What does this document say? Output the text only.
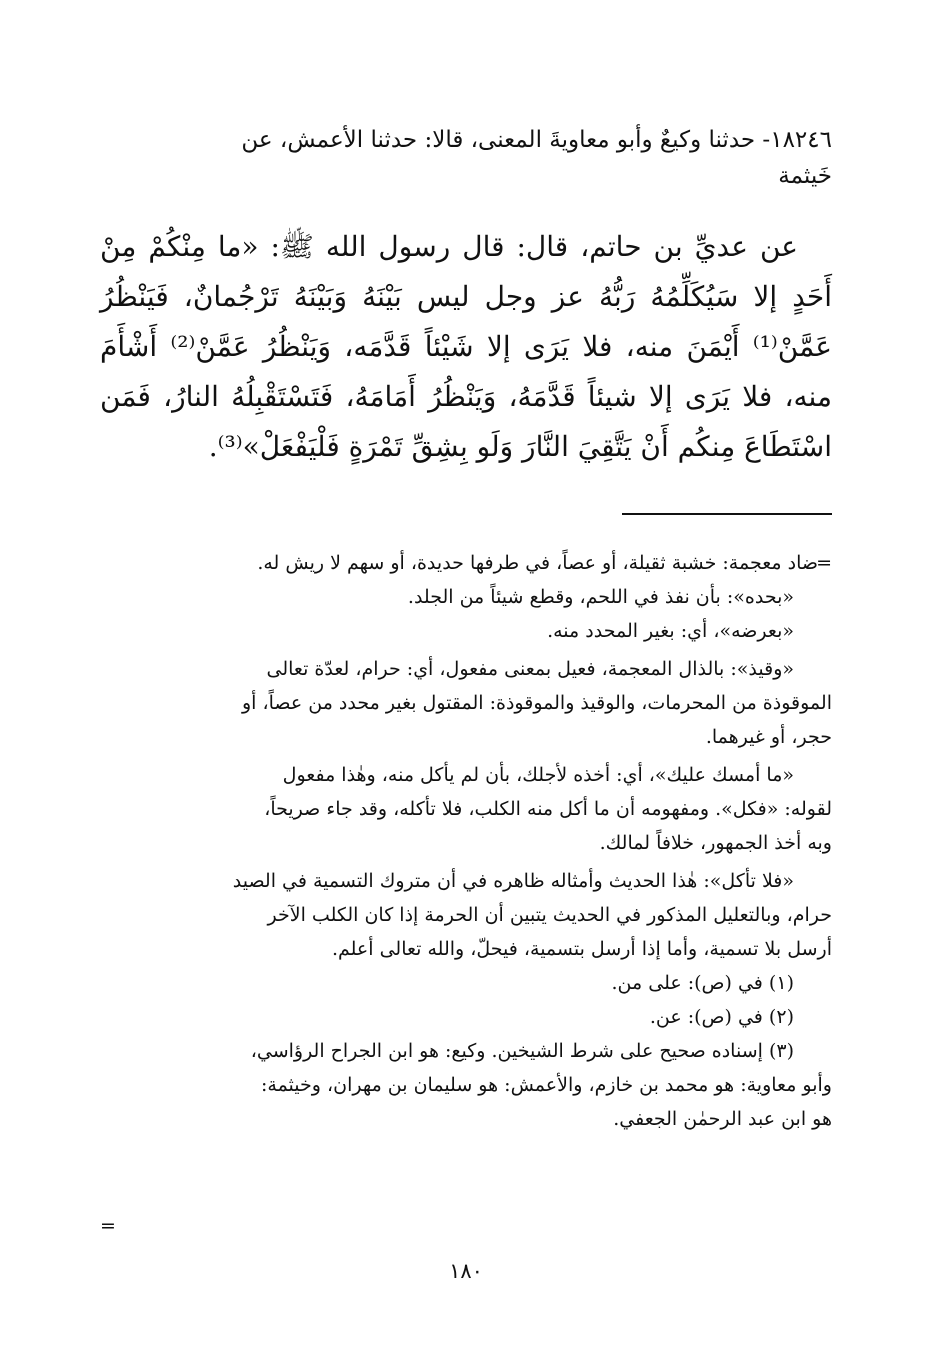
١٨٢٤٦- حدثنا وكيعٌ وأبو معاويةَ المعنى، قالا: حدثنا الأعمش، عن
خَيثمة
عن عديِّ بن حاتم، قال: قال رسول الله ﷺ: «ما مِنْكُمْ مِنْ
أَحَدٍ إلا سَيُكَلِّمُهُ رَبُّهُ عز وجل ليس بَيْنَهُ وَبَيْنَهُ تَرْجُمانٌ، فَيَنْظُرُ
عَمَّنْ⁽¹⁾ أَيْمَنَ منه، فلا يَرَى إلا شَيْئاً قَدَّمَه، وَيَنْظُرُ عَمَّنْ⁽²⁾ أَشْأَمَ
منه، فلا يَرَى إلا شيئاً قَدَّمَهُ، وَيَنْظُرُ أَمَامَهُ، فَتَسْتَقْبِلُهُ النارُ، فَمَن
اسْتَطَاعَ مِنكُم أَنْ يَتَّقِيَ النَّارَ وَلَو بِشِقِّ تَمْرَةٍ فَلْيَفْعَلْ»⁽³⁾.
=
ضاد معجمة: خشبة ثقيلة، أو عصاً، في طرفها حديدة، أو سهم لا ريش له.
«بحده»: بأن نفذ في اللحم، وقطع شيئاً من الجلد.
«بعرضه»، أي: بغير المحدد منه.
«وقيذ»: بالذال المعجمة، فعيل بمعنى مفعول، أي: حرام، لعدّة تعالى
الموقوذة من المحرمات، والوقيذ والموقوذة: المقتول بغير محدد من عصاً، أو
حجر، أو غيرهما.
«ما أمسك عليك»، أي: أخذه لأجلك، بأن لم يأكل منه، وهٰذا مفعول
لقوله: «فكل». ومفهومه أن ما أكل منه الكلب، فلا تأكله، وقد جاء صريحاً،
وبه أخذ الجمهور، خلافاً لمالك.
«فلا تأكل»: هٰذا الحديث وأمثاله ظاهره في أن متروك التسمية في الصيد
حرام، وبالتعليل المذكور في الحديث يتبين أن الحرمة إذا كان الكلب الآخر
أرسل بلا تسمية، وأما إذا أرسل بتسمية، فيحلّ، والله تعالى أعلم.
(١) في (ص): على من.
(٢) في (ص): عن.
(٣) إسناده صحيح على شرط الشيخين. وكيع: هو ابن الجراح الرؤاسي،
وأبو معاوية: هو محمد بن خازم، والأعمش: هو سليمان بن مهران، وخيثمة:
هو ابن عبد الرحمٰن الجعفي.
=
١٨٠
